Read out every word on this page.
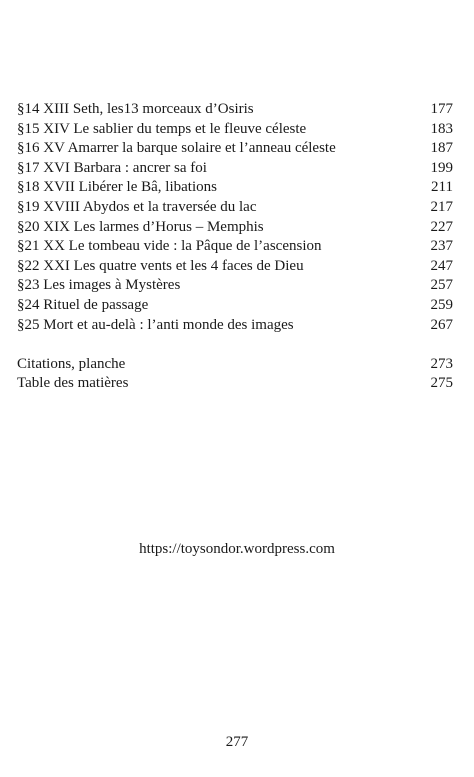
§14 XIII Seth, les13 morceaux d’Osiris	177
§15 XIV Le sablier du temps et le fleuve céleste	183
§16 XV Amarrer la barque solaire et l’anneau céleste	187
§17 XVI Barbara : ancrer sa foi	199
§18 XVII Libérer le Bâ, libations	211
§19 XVIII Abydos et la traversée du lac	217
§20 XIX Les larmes d’Horus – Memphis	227
§21 XX Le tombeau vide : la Pâque de l’ascension	237
§22 XXI Les quatre vents et les 4 faces de Dieu	247
§23 Les images à Mystères	257
§24 Rituel de passage	259
§25 Mort et au-delà : l’anti monde des images	267
Citations, planche	273
Table des matières	275
https://toysondor.wordpress.com
277
